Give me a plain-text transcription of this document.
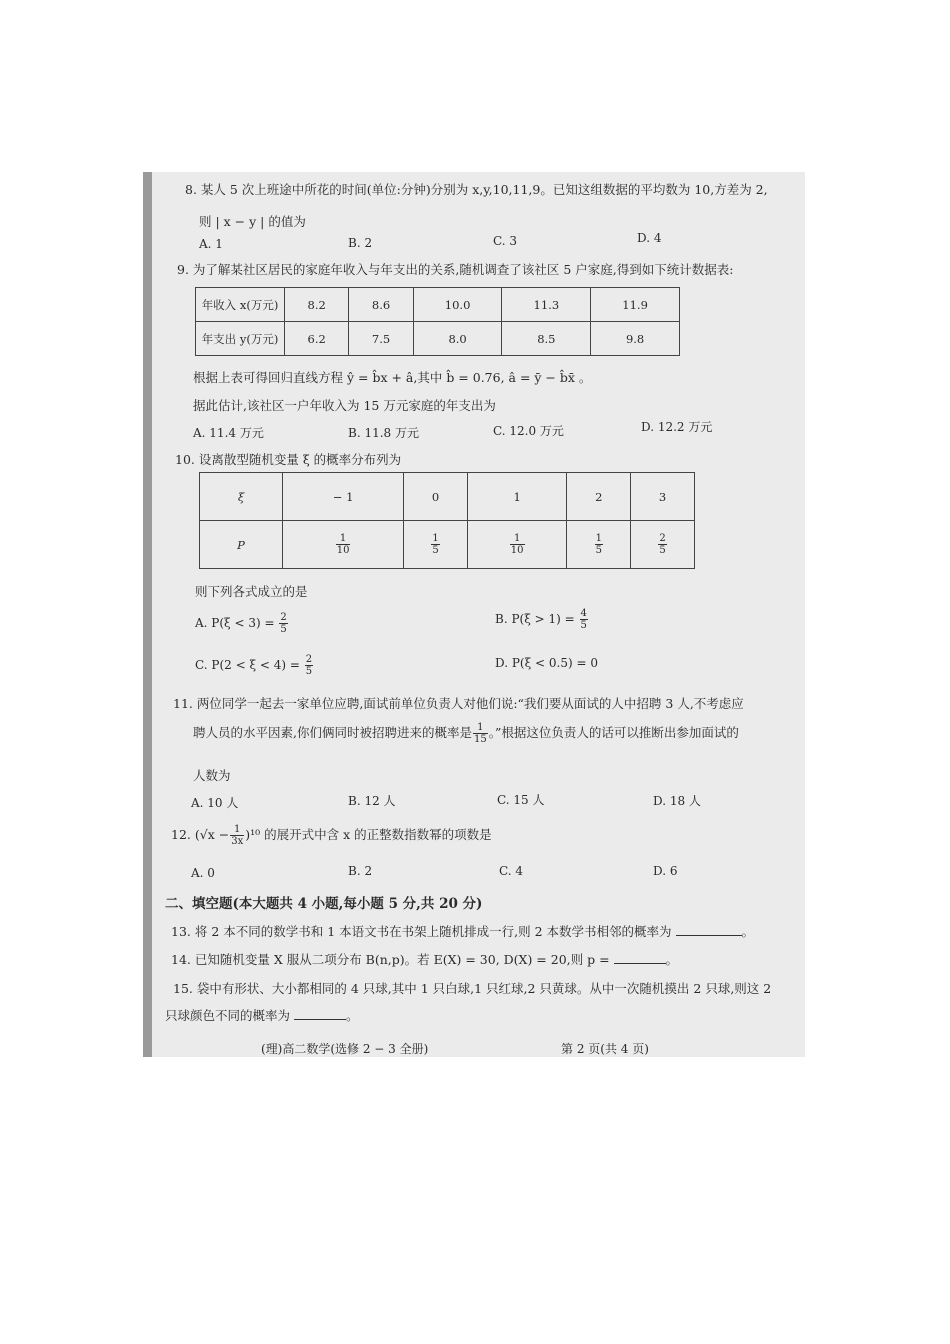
8. 某人 5 次上班途中所花的时间(单位:分钟)分别为 x,y,10,11,9。已知这组数据的平均数为 10,方差为 2,
则 | x − y | 的值为
A. 1	B. 2	C. 3	D. 4
9. 为了解某社区居民的家庭年收入与年支出的关系,随机调查了该社区 5 户家庭,得到如下统计数据表:
年收入 x(万元)	8.2	8.6	10.0	11.3	11.9
年支出 y(万元)	6.2	7.5	8.0	8.5	9.8
根据上表可得回归直线方程 ŷ = b̂x + â,其中 b̂ = 0.76, â = ȳ − b̂x̄ 。
据此估计,该社区一户年收入为 15 万元家庭的年支出为
A. 11.4 万元	B. 11.8 万元	C. 12.0 万元	D. 12.2 万元
10. 设离散型随机变量 ξ 的概率分布列为
ξ	− 1	0	1	2	3
P	$\frac{1}{10}$	$\frac{1}{5}$	$\frac{1}{10}$	$\frac{1}{5}$	$\frac{2}{5}$
则下列各式成立的是
A. $P(\xi < 3) = \frac{2}{5}$	B. $P(\xi > 1) = \frac{4}{5}$
C. $P(2 < \xi < 4) = \frac{2}{5}$	D. P(ξ < 0.5) = 0
11. 两位同学一起去一家单位应聘,面试前单位负责人对他们说:“我们要从面试的人中招聘 3 人,不考虑应
聘人员的水平因素,你们俩同时被招聘进来的概率是 $\frac{1}{15}$ 。”根据这位负责人的话可以推断出参加面试的
人数为
A. 10 人	B. 12 人	C. 15 人	D. 18 人
12. $(√x - \frac{1}{3x} )^{10}$ 的展开式中含 x 的正整数指数幂的项数是
A. 0	B. 2	C. 4	D. 6
二、填空题(本大题共 4 小题,每小题 5 分,共 20 分)
13. 将 2 本不同的数学书和 1 本语文书在书架上随机排成一行,则 2 本数学书相邻的概率为	。
14. 已知随机变量 X 服从二项分布 B(n,p)。若 E(X) = 30, D(X) = 20,则 p =	。
15. 袋中有形状、大小都相同的 4 只球,其中 1 只白球,1 只红球,2 只黄球。从中一次随机摸出 2 只球,则这 2
只球颜色不同的概率为	。
(理)高二数学(选修 2 − 3 全册)	第 2 页(共 4 页)
